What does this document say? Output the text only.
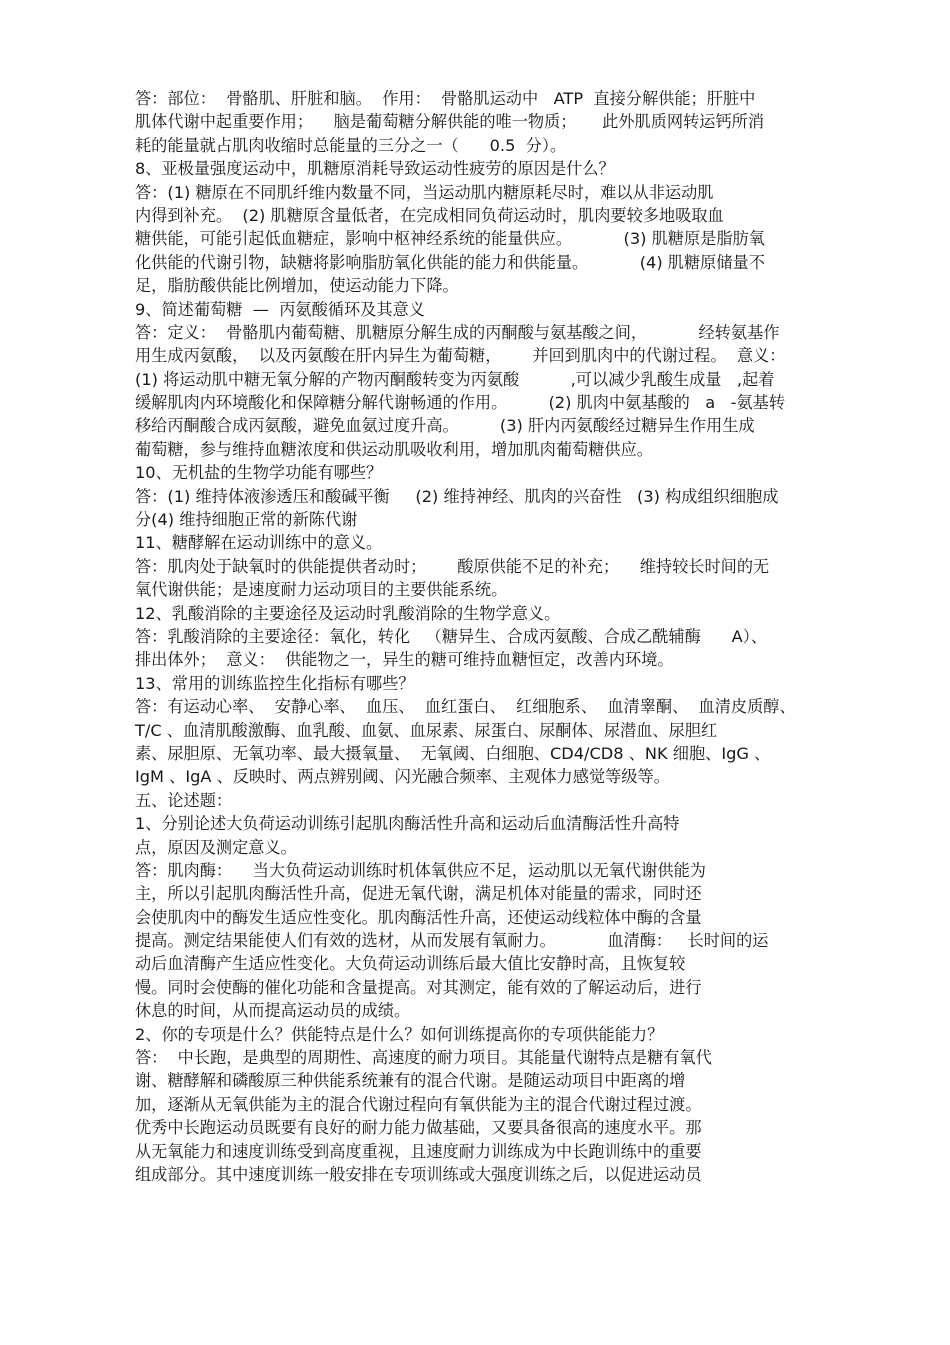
答：部位：  骨骼肌、肝脏和脑。  作用：  骨骼肌运动中   ATP  直接分解供能；肝脏中
肌体代谢中起重要作用；    脑是葡萄糖分解供能的唯一物质；     此外肌质网转运钙所消
耗的能量就占肌肉收缩时总能量的三分之一（      0.5  分）。
8、亚极量强度运动中，肌糖原消耗导致运动性疲劳的原因是什么？
答：(1) 糖原在不同肌纤维内数量不同，当运动肌内糖原耗尽时，难以从非运动肌
内得到补充。  (2) 肌糖原含量低者，在完成相同负荷运动时，肌肉要较多地吸取血
糖供能，可能引起低血糖症，影响中枢神经系统的能量供应。          (3) 肌糖原是脂肪氧
化供能的代谢引物，缺糖将影响脂肪氧化供能的能力和供能量。          (4) 肌糖原储量不
足，脂肪酸供能比例增加，使运动能力下降。
9、简述葡萄糖  —  丙氨酸循环及其意义
答：定义：  骨骼肌内葡萄糖、肌糖原分解生成的丙酮酸与氨基酸之间，          经转氨基作
用生成丙氨酸，  以及丙氨酸在肝内异生为葡萄糖，      并回到肌肉中的代谢过程。  意义：
(1) 将运动肌中糖无氧分解的产物丙酮酸转变为丙氨酸          ,可以减少乳酸生成量   ,起着
缓解肌肉内环境酸化和保障糖分解代谢畅通的作用。        (2) 肌肉中氨基酸的   a   -氨基转
移给丙酮酸合成丙氨酸，避免血氨过度升高。        (3) 肝内丙氨酸经过糖异生作用生成
葡萄糖，参与维持血糖浓度和供运动肌吸收利用，增加肌肉葡萄糖供应。
10、无机盐的生物学功能有哪些？
答：(1) 维持体液渗透压和酸碱平衡     (2) 维持神经、肌肉的兴奋性   (3) 构成组织细胞成
分(4) 维持细胞正常的新陈代谢
11、糖酵解在运动训练中的意义。
答：肌肉处于缺氧时的供能提供者动时；      酸原供能不足的补充；    维持较长时间的无
氧代谢供能；是速度耐力运动项目的主要供能系统。
12、乳酸消除的主要途径及运动时乳酸消除的生物学意义。
答：乳酸消除的主要途径：氧化，转化   （糖异生、合成丙氨酸、合成乙酰辅酶      A）、
排出体外；  意义：  供能物之一，异生的糖可维持血糖恒定，改善内环境。
13、常用的训练监控生化指标有哪些？
答：有运动心率、  安静心率、  血压、  血红蛋白、  红细胞系、  血清睾酮、  血清皮质醇、
T/C 、血清肌酸激酶、血乳酸、血氨、血尿素、尿蛋白、尿酮体、尿潜血、尿胆红
素、尿胆原、无氧功率、最大摄氧量、  无氧阈、白细胞、CD4/CD8 、NK 细胞、IgG 、
IgM 、IgA 、反映时、两点辨别阈、闪光融合频率、主观体力感觉等级等。
五、论述题：
1、分别论述大负荷运动训练引起肌肉酶活性升高和运动后血清酶活性升高特
点，原因及测定意义。
答：肌肉酶：    当大负荷运动训练时机体氧供应不足，运动肌以无氧代谢供能为
主，所以引起肌肉酶活性升高，促进无氧代谢，满足机体对能量的需求，同时还
会使肌肉中的酶发生适应性变化。肌肉酶活性升高，还使运动线粒体中酶的含量
提高。测定结果能使人们有效的选材，从而发展有氧耐力。          血清酶：   长时间的运
动后血清酶产生适应性变化。大负荷运动训练后最大值比安静时高，且恢复较
慢。同时会使酶的催化功能和含量提高。对其测定，能有效的了解运动后，进行
休息的时间，从而提高运动员的成绩。
2、你的专项是什么？供能特点是什么？如何训练提高你的专项供能能力？
答：  中长跑，是典型的周期性、高速度的耐力项目。其能量代谢特点是糖有氧代
谢、糖酵解和磷酸原三种供能系统兼有的混合代谢。是随运动项目中距离的增
加，逐渐从无氧供能为主的混合代谢过程向有氧供能为主的混合代谢过程过渡。
优秀中长跑运动员既要有良好的耐力能力做基础，又要具备很高的速度水平。那
从无氧能力和速度训练受到高度重视，且速度耐力训练成为中长跑训练中的重要
组成部分。其中速度训练一般安排在专项训练或大强度训练之后，以促进运动员
